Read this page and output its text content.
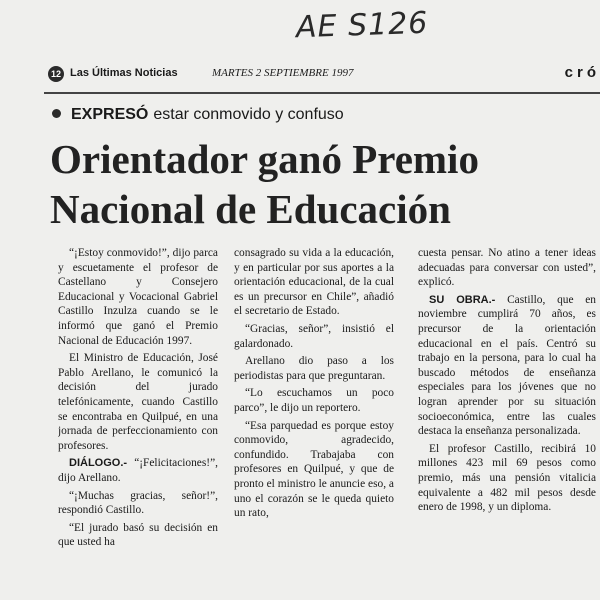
AE S126
12 Las Últimas Noticias	MARTES 2 SEPTIEMBRE 1997	cró
EXPRESÓ estar conmovido y confuso
Orientador ganó Premio Nacional de Educación

“¡Estoy conmovido!”, dijo parca y escuetamente el profesor de Castellano y Consejero Educacional y Vocacional Gabriel Castillo Inzulza cuando se le informó que ganó el Premio Nacional de Educación 1997.

El Ministro de Educación, José Pablo Arellano, le comunicó la decisión del jurado telefónicamente, cuando Castillo se encontraba en Quilpué, en una jornada de perfeccionamiento con profesores.

DIÁLOGO.- “¡Felicitaciones!”, dijo Arellano.

“¡Muchas gracias, señor!”, respondió Castillo.

“El jurado basó su decisión en que usted ha

consagrado su vida a la educación, y en particular por sus aportes a la orientación educacional, de la cual es un precursor en Chile”, añadió el secretario de Estado.

“Gracias, señor”, insistió el galardonado.

Arellano dio paso a los periodistas para que preguntaran.

“Lo escuchamos un poco parco”, le dijo un reportero.

“Esa parquedad es porque estoy conmovido, agradecido, confundido. Trabajaba con profesores en Quilpué, y que de pronto el ministro le anuncie eso, a uno el corazón se le queda quieto un rato,

cuesta pensar. No atino a tener ideas adecuadas para conversar con usted”, explicó.

SU OBRA.- Castillo, que en noviembre cumplirá 70 años, es precursor de la orientación educacional en el país. Centró su trabajo en la persona, para lo cual ha buscado métodos de enseñanza especiales para los jóvenes que no logran aprender por su situación socioeconómica, entre las cuales destaca la enseñanza personalizada.

El profesor Castillo, recibirá 10 millones 423 mil 69 pesos como premio, más una pensión vitalicia equivalente a 482 mil pesos desde enero de 1998, y un diploma.
